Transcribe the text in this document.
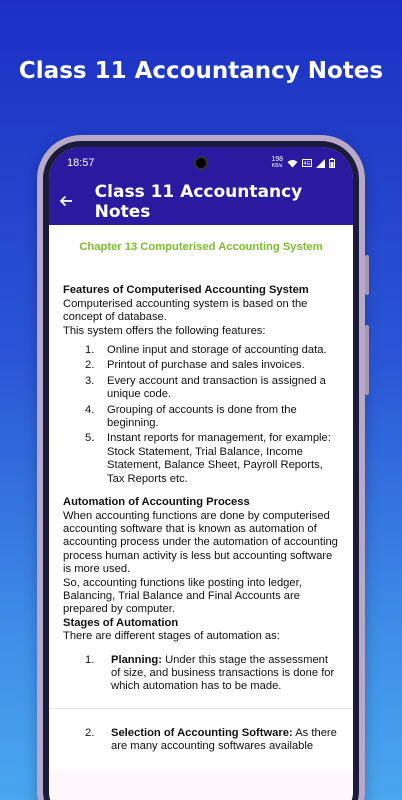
Class 11 Accountancy Notes
18:57	198
KB/s	4G
Class 11 Accountancy Notes
Chapter 13 Computerised Accounting System
Features of Computerised Accounting System
Computerised accounting system is based on the concept of database.
This system offers the following features:
1.	Online input and storage of accounting data.
2.	Printout of purchase and sales invoices.
3.	Every account and transaction is assigned a unique code.
4.	Grouping of accounts is done from the beginning.
5.	Instant reports for management, for example: Stock Statement, Trial Balance, Income Statement, Balance Sheet, Payroll Reports, Tax Reports etc.
Automation of Accounting Process
When accounting functions are done by computerised accounting software that is known as automation of accounting process under the automation of accounting process human activity is less but accounting software is more used.
So, accounting functions like posting into ledger, Balancing, Trial Balance and Final Accounts are prepared by computer.
Stages of Automation
There are different stages of automation as:
1.	Planning: Under this stage the assessment of size, and business transactions is done for which automation has to be made.
2.	Selection of Accounting Software: As there are many accounting softwares available
